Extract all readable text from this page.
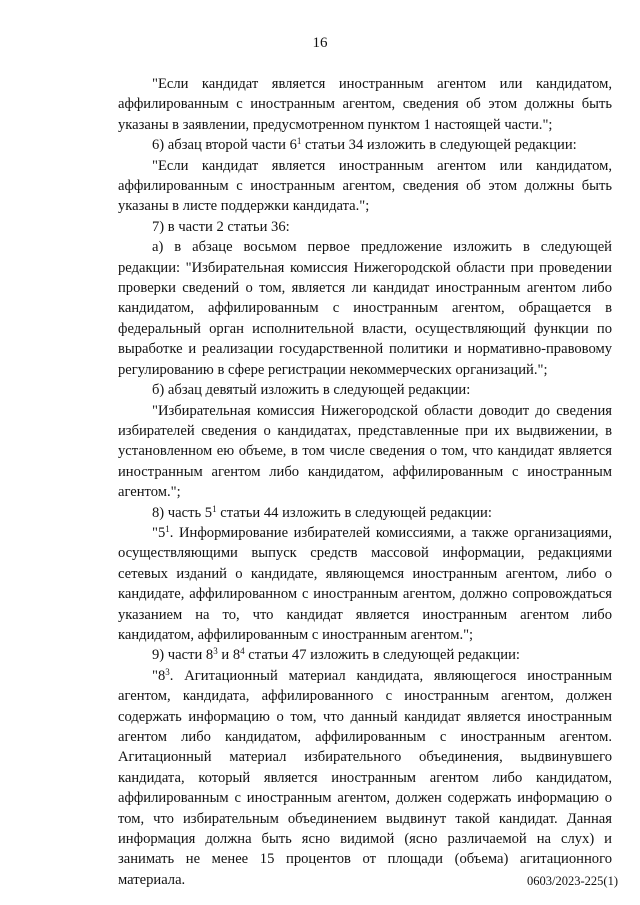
16

"Если кандидат является иностранным агентом или кандидатом, аффилированным с иностранным агентом, сведения об этом должны быть указаны в заявлении, предусмотренном пунктом 1 настоящей части.";

6) абзац второй части $6^1$ статьи 34 изложить в следующей редакции:

"Если кандидат является иностранным агентом или кандидатом, аффилированным с иностранным агентом, сведения об этом должны быть указаны в листе поддержки кандидата.";

7) в части 2 статьи 36:

а) в абзаце восьмом первое предложение изложить в следующей редакции: "Избирательная комиссия Нижегородской области при проведении проверки сведений о том, является ли кандидат иностранным агентом либо кандидатом, аффилированным с иностранным агентом, обращается в федеральный орган исполнительной власти, осуществляющий функции по выработке и реализации государственной политики и нормативно-правовому регулированию в сфере регистрации некоммерческих организаций.";

б) абзац девятый изложить в следующей редакции:

"Избирательная комиссия Нижегородской области доводит до сведения избирателей сведения о кандидатах, представленные при их выдвижении, в установленном ею объеме, в том числе сведения о том, что кандидат является иностранным агентом либо кандидатом, аффилированным с иностранным агентом.";

8) часть $5^1$ статьи 44 изложить в следующей редакции:

"$5^1$. Информирование избирателей комиссиями, а также организациями, осуществляющими выпуск средств массовой информации, редакциями сетевых изданий о кандидате, являющемся иностранным агентом, либо о кандидате, аффилированном с иностранным агентом, должно сопровождаться указанием на то, что кандидат является иностранным агентом либо кандидатом, аффилированным с иностранным агентом.";

9) части $8^3$ и $8^4$ статьи 47 изложить в следующей редакции:

"$8^3$. Агитационный материал кандидата, являющегося иностранным агентом, кандидата, аффилированного с иностранным агентом, должен содержать информацию о том, что данный кандидат является иностранным агентом либо кандидатом, аффилированным с иностранным агентом. Агитационный материал избирательного объединения, выдвинувшего кандидата, который является иностранным агентом либо кандидатом, аффилированным с иностранным агентом, должен содержать информацию о том, что избирательным объединением выдвинут такой кандидат. Данная информация должна быть ясно видимой (ясно различаемой на слух) и занимать не менее 15 процентов от площади (объема) агитационного материала.	0603/2023-225(1)
